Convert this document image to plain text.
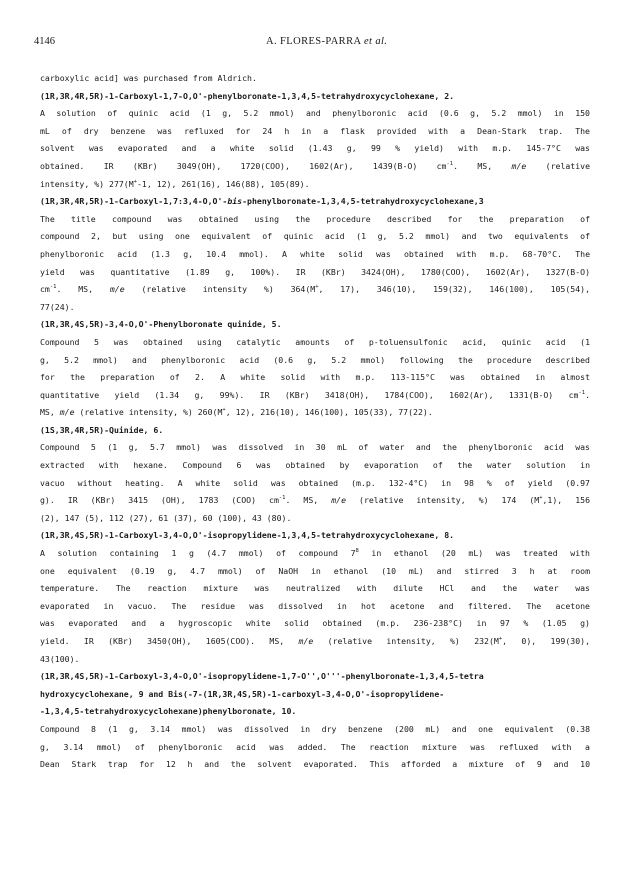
4146	A. FLORES-PARRA et al.
carboxylic acid] was purchased from Aldrich.
(1R,3R,4R,5R)-1-Carboxyl-1,7-O,O'-phenylboronate-1,3,4,5-tetrahydroxycyclohexane, 2.
A solution of quinic acid (1 g, 5.2 mmol) and phenylboronic acid (0.6 g, 5.2 mmol) in 150
mL of dry benzene was refluxed for 24 h in a flask provided with a Dean-Stark trap. The
solvent was evaporated and a white solid (1.43 g, 99 % yield) with m.p. 145-7°C was
obtained. IR (KBr) 3049(OH), 1720(COO), 1602(Ar), 1439(B-O) $cm^{-1}$. MS, m/e (relative
intensity, %) 277(M+-1, 12), 261(16), 146(88), 105(89).
(1R,3R,4R,5R)-1-Carboxyl-1,7:3,4-O,O'-bis-phenylboronate-1,3,4,5-tetrahydroxycyclohexane,3
The title compound was obtained using the procedure described for the preparation of
compound 2, but using one equivalent of quinic acid (1 g, 5.2 mmol) and two equivalents of
phenylboronic acid (1.3 g, 10.4 mmol). A white solid was obtained with m.p. 68-70°C. The
yield was quantitative (1.89 g, 100%). IR (KBr) 3424(OH), 1780(COO), 1602(Ar), 1327(B-O)
$cm^{-1}$. MS, m/e (relative intensity %) 364(M+, 17), 346(10), 159(32), 146(100), 105(54),
77(24).
(1R,3R,4S,5R)-3,4-O,O'-Phenylboronate quinide, 5.
Compound 5 was obtained using catalytic amounts of p-toluensulfonic acid, quinic acid (1
g, 5.2 mmol) and phenylboronic acid (0.6 g, 5.2 mmol) following the procedure described
for the preparation of 2. A white solid with m.p. 113-115°C was obtained in almost
quantitative yield (1.34 g, 99%). IR (KBr) 3418(OH), 1784(COO), 1602(Ar), 1331(B-O) $cm^{-1}$.
MS, m/e (relative intensity, %) 260(M+, 12), 216(10), 146(100), 105(33), 77(22).
(1S,3R,4R,5R)-Quinide, 6.
Compound 5 (1 g, 5.7 mmol) was dissolved in 30 mL of water and the phenylboronic acid was
extracted with hexane. Compound 6 was obtained by evaporation of the water solution in
vacuo without heating. A white solid was obtained (m.p. 132-4°C) in 98 % of yield (0.97
g). IR (KBr) 3415 (OH), 1783 (COO) $cm^{-1}$. MS, m/e (relative intensity, %) 174 (M+,1), 156
(2), 147 (5), 112 (27), 61 (37), 60 (100), 43 (80).
(1R,3R,4S,5R)-1-Carboxyl-3,4-O,O'-isopropylidene-1,3,4,5-tetrahydroxycyclohexane, 8.
A solution containing 1 g (4.7 mmol) of compound $7^8$ in ethanol (20 mL) was treated with
one equivalent (0.19 g, 4.7 mmol) of NaOH in ethanol (10 mL) and stirred 3 h at room
temperature. The reaction mixture was neutralized with dilute HCl and the water was
evaporated in vacuo. The residue was dissolved in hot acetone and filtered. The acetone
was evaporated and a hygroscopic white solid obtained (m.p. 236-238°C) in 97 % (1.05 g)
yield. IR (KBr) 3450(OH), 1605(COO). MS, m/e (relative intensity, %) 232(M+, 0), 199(30),
43(100).
(1R,3R,4S,5R)-1-Carboxyl-3,4-O,O'-isopropylidene-1,7-O'',O'''-phenylboronate-1,3,4,5-tetra
hydroxycyclohexane, 9 and Bis(-7-(1R,3R,4S,5R)-1-carboxyl-3,4-O,O'-isopropylidene-
-1,3,4,5-tetrahydroxycyclohexane)phenylboronate, 10.
Compound 8 (1 g, 3.14 mmol) was dissolved in dry benzene (200 mL) and one equivalent (0.38
g, 3.14 mmol) of phenylboronic acid was added. The reaction mixture was refluxed with a
Dean Stark trap for 12 h and the solvent evaporated. This afforded a mixture of 9 and 10
